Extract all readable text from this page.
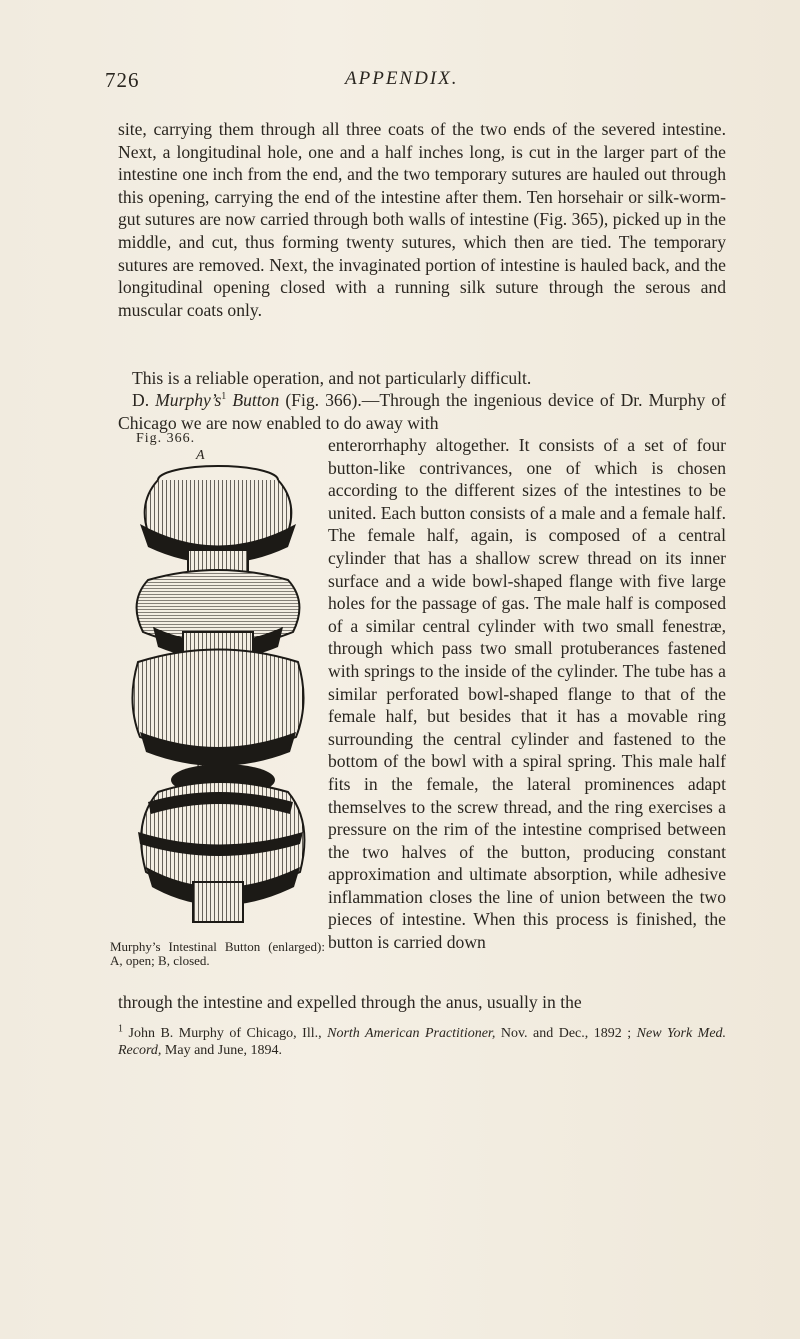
726	APPENDIX.
site, carrying them through all three coats of the two ends of the severed intestine. Next, a longitudinal hole, one and a half inches long, is cut in the larger part of the intestine one inch from the end, and the two temporary sutures are hauled out through this opening, carrying the end of the intestine after them. Ten horsehair or silk-worm-gut sutures are now carried through both walls of intestine (Fig. 365), picked up in the middle, and cut, thus forming twenty sutures, which then are tied. The temporary sutures are removed. Next, the invaginated portion of intestine is hauled back, and the longitudinal opening closed with a running silk suture through the serous and muscular coats only.
This is a reliable operation, and not particularly difficult.
D. $Murphy’s^1$ Button (Fig. 366).—Through the ingenious device of Dr. Murphy of Chicago we are now enabled to do away with
enterorrhaphy altogether. It consists of a set of four button-like contrivances, one of which is chosen according to the different sizes of the intestines to be united. Each button consists of a male and a female half. The female half, again, is composed of a central cylinder that has a shallow screw thread on its inner surface and a wide bowl-shaped flange with five large holes for the passage of gas. The male half is composed of a similar central cylinder with two small fenestræ, through which pass two small protuberances fastened with springs to the inside of the cylinder. The tube has a similar perforated bowl-shaped flange to that of the female half, but besides that it has a movable ring surrounding the central cylinder and fastened to the bottom of the bowl with a spiral spring. This male half fits in the female, the lateral prominences adapt themselves to the screw thread, and the ring exercises a pressure on the rim of the intestine comprised between the two halves of the button, producing constant approximation and ultimate absorption, while adhesive inflammation closes the line of union between the two pieces of intestine. When this process is finished, the button is carried down
through the intestine and expelled through the anus, usually in the
Fig. 366.
A
Murphy’s Intestinal Button (enlarged): A, open; B, closed.
$^1$ John B. Murphy of Chicago, Ill., North American Practitioner, Nov. and Dec., 1892 ; New York Med. Record, May and June, 1894.
